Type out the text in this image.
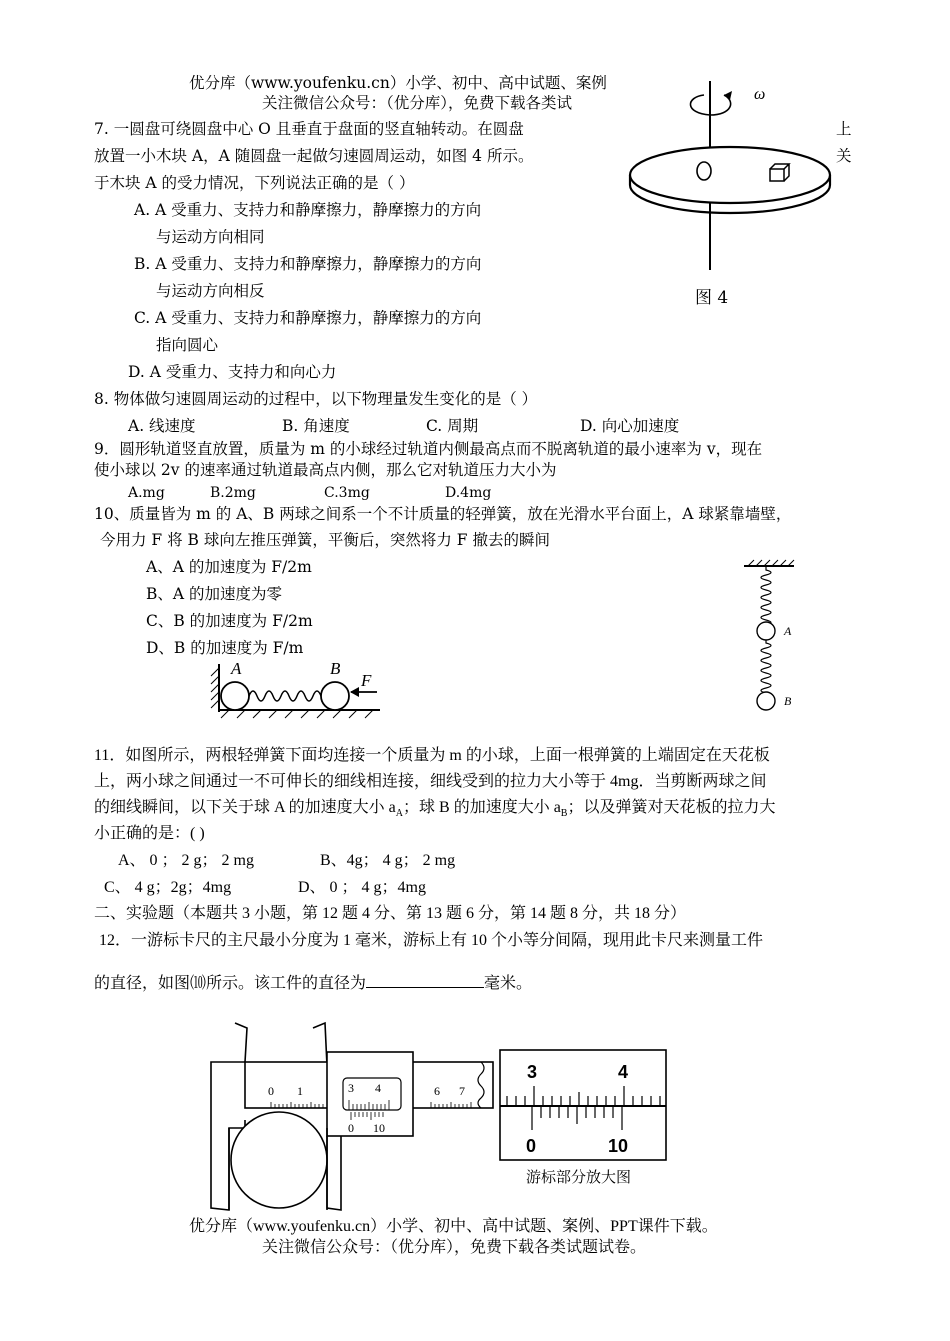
优分库（www.youfenku.cn）小学、初中、高中试题、案例
关注微信公众号：（优分库），免费下载各类试
7. 一圆盘可绕圆盘中心 O 且垂直于盘面的竖直轴转动。在圆盘	上
放置一小木块 A，A 随圆盘一起做匀速圆周运动，如图 4 所示。	关
于木块 A 的受力情况，下列说法正确的是（ ）
A. A 受重力、支持力和静摩擦力，静摩擦力的方向
与运动方向相同
B. A 受重力、支持力和静摩擦力，静摩擦力的方向
与运动方向相反
C. A 受重力、支持力和静摩擦力，静摩擦力的方向
指向圆心
D. A 受重力、支持力和向心力
ω
图 4
8. 物体做匀速圆周运动的过程中，以下物理量发生变化的是（ ）
A. 线速度	B. 角速度	C. 周期	D. 向心加速度
9．圆形轨道竖直放置，质量为 m 的小球经过轨道内侧最高点而不脱离轨道的最小速率为 v，现在
使小球以 2v 的速率通过轨道最高点内侧，那么它对轨道压力大小为
A.mg	B.2mg	C.3mg	D.4mg
10、质量皆为 m 的 A、B 两球之间系一个不计质量的轻弹簧，放在光滑水平台面上，A 球紧靠墙壁，
今用力 F 将 B 球向左推压弹簧，平衡后，突然将力 F 撤去的瞬间
A、A 的加速度为 F/2m
B、A 的加速度为零
C、B 的加速度为 F/2m
D、B 的加速度为 F/m
A	B
F
A
B
11．如图所示，两根轻弹簧下面均连接一个质量为 m 的小球，上面一根弹簧的上端固定在天花板
上，两小球之间通过一不可伸长的细线相连接，细线受到的拉力大小等于 4mg．当剪断两球之间
的细线瞬间，以下关于球 A 的加速度大小 $a_A$；球 B 的加速度大小 $a_B$；以及弹簧对天花板的拉力大
小正确的是：( )
A、 0 ； 2 g； 2 mg	B、4g； 4 g； 2 mg
C、 4 g；2g；4mg	D、 0 ； 4 g；4mg
二、实验题（本题共 3 小题，第 12 题 4 分、第 13 题 6 分，第 14 题 8 分，共 18 分）
12．一游标卡尺的主尺最小分度为 1 毫米，游标上有 10 个小等分间隔，现用此卡尺来测量工件
的直径，如图⑽所示。该工件的直径为	毫米。
0 1	6 7
3 4
0 10
3	4
0	10
游标部分放大图
优分库（www.youfenku.cn）小学、初中、高中试题、案例、PPT课件下载。
关注微信公众号：（优分库），免费下载各类试题试卷。
